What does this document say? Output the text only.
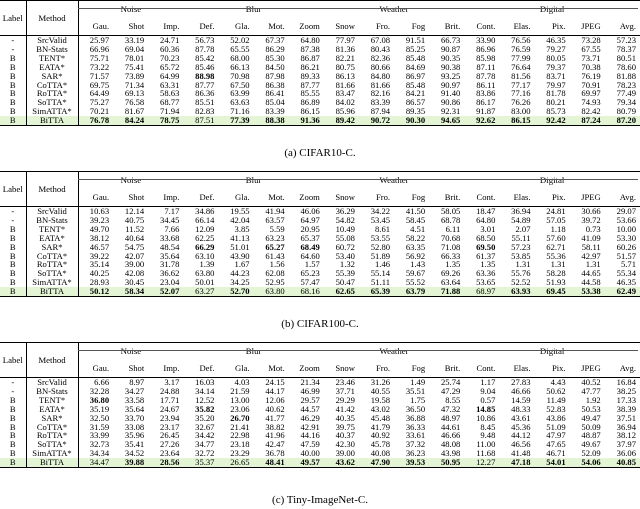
Label	Method	Noise			Blur				Weather				Digital				
		Gau.	Shot	Imp.	Def.	Gla.	Mot.	Zoom	Snow	Fro.	Fog	Brit.	Cont.	Elas.	Pix.	JPEG	Avg.
-	SrcValid	25.97	33.19	24.71	56.73	52.02	67.37	64.80	77.97	67.08	91.51	66.73	33.90	76.56	46.35	73.28	57.23
-	BN-Stats	66.96	69.04	60.36	87.78	65.55	86.29	87.38	81.36	80.43	85.25	90.87	86.96	76.59	79.27	67.55	78.37
B	TENT*	75.71	78.01	70.23	85.42	68.00	85.30	86.87	82.21	82.36	85.48	90.35	85.98	77.99	80.05	73.71	80.51
B	EATA*	73.22	75.41	65.72	85.46	66.13	84.50	86.21	80.75	80.66	84.69	90.38	87.11	76.64	79.37	70.38	78.60
B	SAR*	71.57	73.89	64.99	88.98	70.98	87.98	89.33	86.13	84.80	86.97	93.25	87.78	81.56	83.71	76.19	81.88
B	CoTTA*	69.75	71.34	63.31	87.77	67.50	86.38	87.77	81.66	81.66	85.48	90.97	86.11	77.17	79.97	70.91	78.23
B	RoTTA*	64.49	69.13	58.63	86.36	63.99	86.41	85.55	83.47	82.16	84.21	91.40	83.86	77.16	81.78	69.97	77.49
B	SoTTA*	75.27	76.58	68.77	85.51	63.63	85.04	86.89	84.02	83.39	86.57	90.86	86.17	76.26	80.21	74.93	79.34
B	SimATTA*	70.21	81.67	71.94	82.83	71.16	83.39	86.15	85.96	87.94	89.35	92.31	91.87	83.00	85.73	82.42	80.79
B	BiTTA	76.78	84.24	78.75	87.51	77.39	88.38	91.36	89.42	90.72	90.30	94.65	92.62	86.15	92.42	87.24	87.20
(a) CIFAR10-C.
Label	Method	Noise			Blur				Weather				Digital				
		Gau.	Shot	Imp.	Def.	Gla.	Mot.	Zoom	Snow	Fro.	Fog	Brit.	Cont.	Elas.	Pix.	JPEG	Avg.
-	SrcValid	10.63	12.14	7.17	34.86	19.55	41.94	46.06	36.29	34.22	41.50	58.05	18.47	36.94	24.81	30.66	29.07
-	BN-Stats	39.23	40.75	34.45	66.14	42.04	63.57	64.97	54.82	53.45	58.45	68.78	64.80	54.89	57.05	39.72	53.66
B	TENT*	49.70	11.52	7.66	12.09	3.85	5.59	20.95	10.49	8.61	4.51	6.11	3.01	2.07	1.18	0.73	10.00
B	EATA*	38.12	40.64	33.68	62.25	41.13	63.23	65.37	55.08	53.55	58.22	70.68	68.50	55.11	57.60	41.09	53.30
B	SAR*	46.57	54.75	48.54	66.29	51.01	65.27	68.49	60.72	52.80	63.35	71.08	69.50	57.23	62.71	58.11	60.26
B	CoTTA*	39.22	42.07	35.64	63.10	43.90	61.43	64.60	53.40	51.89	56.92	66.33	61.37	53.85	55.36	42.97	51.57
B	RoTTA*	35.14	39.00	31.78	1.39	1.67	1.56	1.57	1.32	1.46	1.43	1.35	1.35	1.31	1.31	1.31	5.71
B	SoTTA*	40.25	42.08	36.62	63.80	44.23	62.08	65.23	55.39	55.14	59.67	69.26	63.36	55.76	58.28	44.65	55.34
B	SimATTA*	28.93	30.45	23.04	50.01	34.25	52.95	57.47	50.47	51.11	55.52	63.64	53.65	52.52	51.93	44.58	46.35
B	BiTTA	50.12	58.34	52.07	63.27	52.70	63.80	68.16	62.65	65.39	63.79	71.88	68.97	63.93	69.45	53.38	62.49
(b) CIFAR100-C.
Label	Method	Noise			Blur				Weather				Digital				
		Gau.	Shot	Imp.	Def.	Gla.	Mot.	Zoom	Snow	Fro.	Fog	Brit.	Cont.	Elas.	Pix.	JPEG	Avg.
-	SrcValid	6.66	8.97	3.17	16.03	4.03	24.15	21.34	23.46	31.26	1.49	25.74	1.17	27.83	4.43	40.52	16.84
-	BN-Stats	32.28	34.27	24.88	34.14	21.59	44.17	46.99	37.71	40.55	35.51	47.29	9.04	46.66	50.62	47.77	38.25
B	TENT*	36.80	33.58	17.71	12.52	13.00	12.06	29.57	29.29	19.58	1.75	8.55	0.57	14.59	11.49	1.92	17.33
B	EATA*	35.19	35.64	24.67	35.82	23.06	40.62	44.57	41.42	43.02	36.50	47.32	14.85	48.33	52.83	50.53	38.39
B	SAR*	32.50	33.70	23.94	35.20	26.70	41.77	46.29	40.35	45.48	36.88	48.97	10.86	43.61	43.86	49.47	37.51
B	CoTTA*	31.59	33.08	23.17	32.67	21.41	38.82	42.91	39.75	41.79	36.33	44.61	8.45	45.36	51.09	50.09	36.94
B	RoTTA*	33.99	35.96	26.45	34.42	22.98	41.96	44.16	40.37	40.92	33.61	46.66	9.48	44.12	47.97	48.87	38.12
B	SoTTA*	32.73	35.41	27.26	34.77	23.18	42.47	47.59	42.30	45.78	37.32	48.08	11.00	46.56	47.65	49.67	37.97
B	SimATTA*	34.34	34.52	23.64	32.72	23.29	36.78	40.00	39.00	40.08	36.23	43.98	11.68	41.48	46.71	52.09	36.06
B	BiTTA	34.47	39.88	28.56	35.37	26.65	48.41	49.57	43.62	47.90	39.53	50.95	12.27	47.18	54.01	54.06	40.85
(c) Tiny-ImageNet-C.
